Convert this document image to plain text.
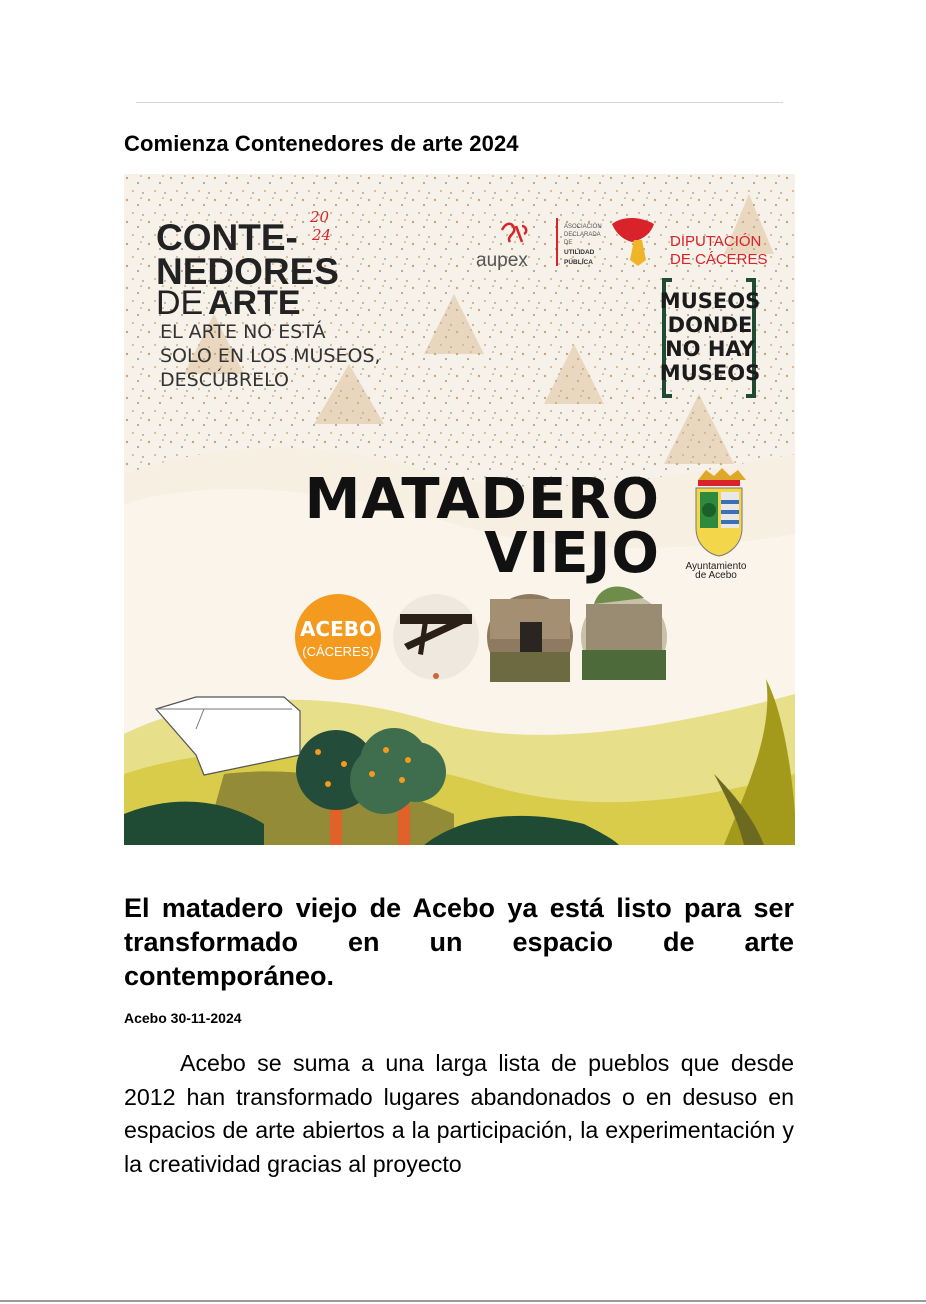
Comienza Contenedores de arte 2024
CONTE-
NEDORES
DE ARTE
20
24
EL ARTE NO ESTÁ
SOLO EN LOS MUSEOS,
DESCÚBRELO
aupex
ASOCIACIÓN
DECLARADA
DE
UTILIDAD
PÚBLICA
DIPUTACIÓN
DE CÁCERES
MUSEOS
DONDE
NO HAY
MUSEOS
MATADERO
VIEJO	Ayuntamiento
de Acebo
ACEBO
(CÁCERES)
El matadero viejo de Acebo ya está listo para ser transformado en un espacio de arte contemporáneo.
Acebo 30-11-2024

Acebo se suma a una larga lista de pueblos que desde 2012 han transformado lugares abandonados o en desuso en espacios de arte abiertos a la participación, la experimentación y la creatividad gracias al proyecto
